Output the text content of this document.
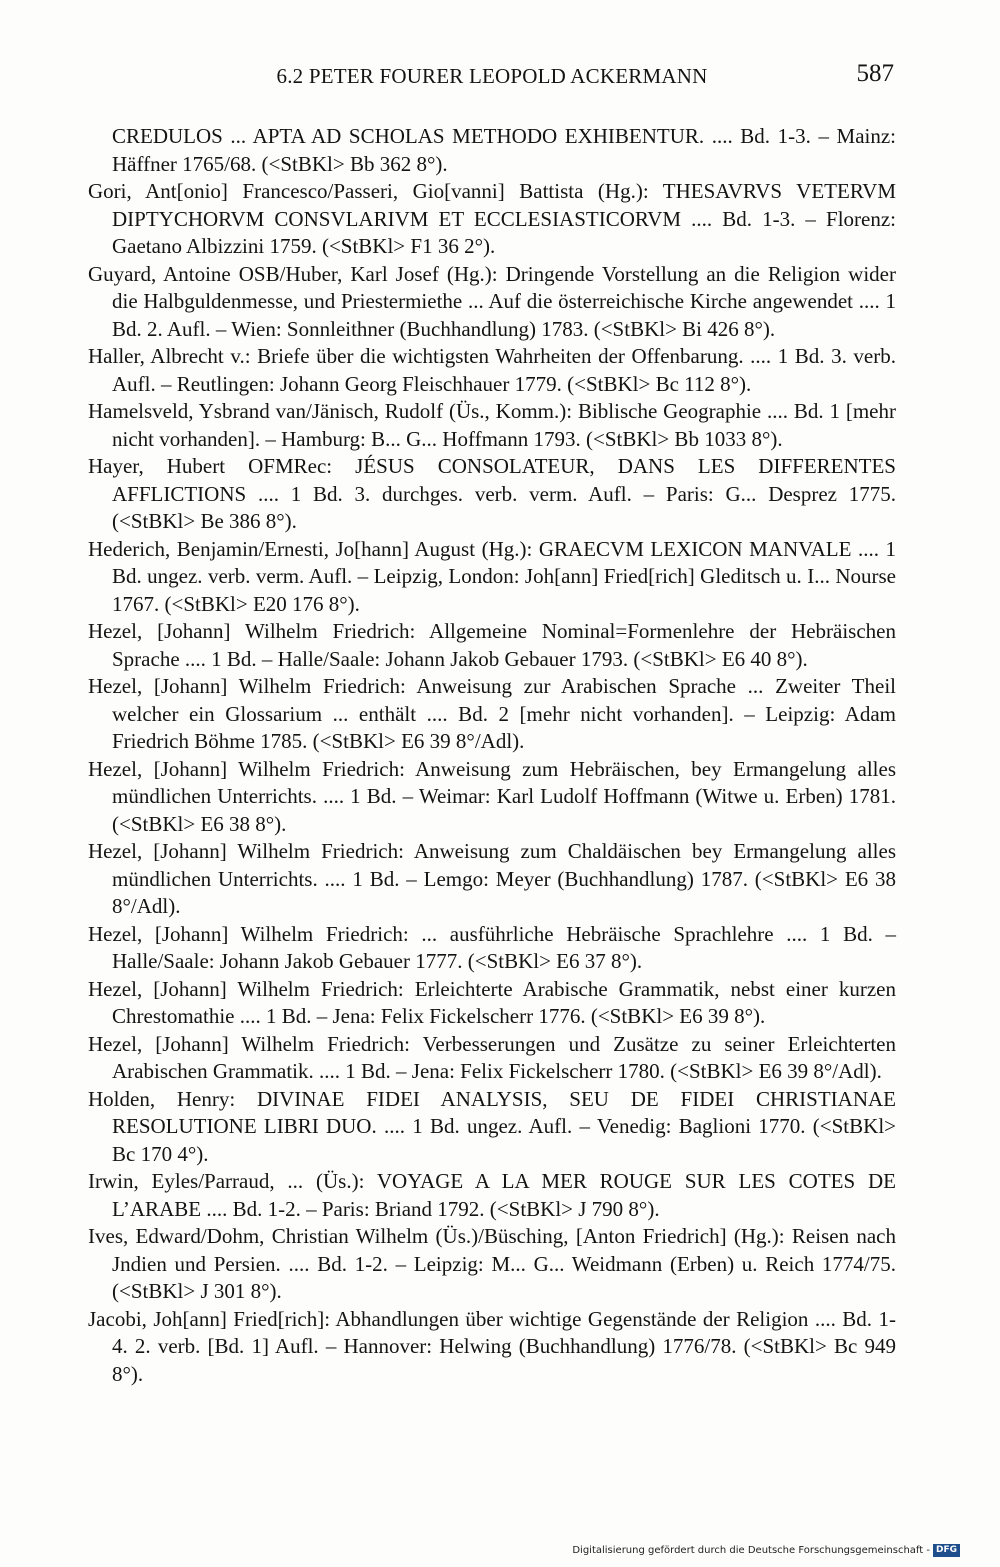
6.2 PETER FOURER LEOPOLD ACKERMANN	587

CREDULOS ... APTA AD SCHOLAS METHODO EXHIBENTUR. .... Bd. 1-3. – Mainz: Häffner 1765/68. (<StBKl> Bb 362 8°).

Gori, Ant[onio] Francesco/Passeri, Gio[vanni] Battista (Hg.): THESAVRVS VETERVM DIPTYCHORVM CONSVLARIVM ET ECCLESIASTICORVM .... Bd. 1-3. – Florenz: Gaetano Albizzini 1759. (<StBKl> F1 36 2°).

Guyard, Antoine OSB/Huber, Karl Josef (Hg.): Dringende Vorstellung an die Religion wider die Halbguldenmesse, und Priestermiethe ... Auf die österreichische Kirche angewendet .... 1 Bd. 2. Aufl. – Wien: Sonnleithner (Buchhandlung) 1783. (<StBKl> Bi 426 8°).

Haller, Albrecht v.: Briefe über die wichtigsten Wahrheiten der Offenbarung. .... 1 Bd. 3. verb. Aufl. – Reutlingen: Johann Georg Fleischhauer 1779. (<StBKl> Bc 112 8°).

Hamelsveld, Ysbrand van/Jänisch, Rudolf (Üs., Komm.): Biblische Geographie .... Bd. 1 [mehr nicht vorhanden]. – Hamburg: B... G... Hoffmann 1793. (<StBKl> Bb 1033 8°).

Hayer, Hubert OFMRec: JÉSUS CONSOLATEUR, DANS LES DIFFERENTES AFFLICTIONS .... 1 Bd. 3. durchges. verb. verm. Aufl. – Paris: G... Desprez 1775. (<StBKl> Be 386 8°).

Hederich, Benjamin/Ernesti, Jo[hann] August (Hg.): GRAECVM LEXICON MANVALE .... 1 Bd. ungez. verb. verm. Aufl. – Leipzig, London: Joh[ann] Fried[rich] Gleditsch u. I... Nourse 1767. (<StBKl> E20 176 8°).

Hezel, [Johann] Wilhelm Friedrich: Allgemeine Nominal=Formenlehre der Hebräischen Sprache .... 1 Bd. – Halle/Saale: Johann Jakob Gebauer 1793. (<StBKl> E6 40 8°).

Hezel, [Johann] Wilhelm Friedrich: Anweisung zur Arabischen Sprache ... Zweiter Theil welcher ein Glossarium ... enthält .... Bd. 2 [mehr nicht vorhanden]. – Leipzig: Adam Friedrich Böhme 1785. (<StBKl> E6 39 8°/Adl).

Hezel, [Johann] Wilhelm Friedrich: Anweisung zum Hebräischen, bey Ermangelung alles mündlichen Unterrichts. .... 1 Bd. – Weimar: Karl Ludolf Hoffmann (Witwe u. Erben) 1781. (<StBKl> E6 38 8°).

Hezel, [Johann] Wilhelm Friedrich: Anweisung zum Chaldäischen bey Ermangelung alles mündlichen Unterrichts. .... 1 Bd. – Lemgo: Meyer (Buchhandlung) 1787. (<StBKl> E6 38 8°/Adl).

Hezel, [Johann] Wilhelm Friedrich: ... ausführliche Hebräische Sprachlehre .... 1 Bd. – Halle/Saale: Johann Jakob Gebauer 1777. (<StBKl> E6 37 8°).

Hezel, [Johann] Wilhelm Friedrich: Erleichterte Arabische Grammatik, nebst einer kurzen Chrestomathie .... 1 Bd. – Jena: Felix Fickelscherr 1776. (<StBKl> E6 39 8°).

Hezel, [Johann] Wilhelm Friedrich: Verbesserungen und Zusätze zu seiner Erleichterten Arabischen Grammatik. .... 1 Bd. – Jena: Felix Fickelscherr 1780. (<StBKl> E6 39 8°/Adl).

Holden, Henry: DIVINAE FIDEI ANALYSIS, SEU DE FIDEI CHRISTIANAE RESOLUTIONE LIBRI DUO. .... 1 Bd. ungez. Aufl. – Venedig: Baglioni 1770. (<StBKl> Bc 170 4°).

Irwin, Eyles/Parraud, ... (Üs.): VOYAGE A LA MER ROUGE SUR LES COTES DE L’ARABE .... Bd. 1-2. – Paris: Briand 1792. (<StBKl> J 790 8°).

Ives, Edward/Dohm, Christian Wilhelm (Üs.)/Büsching, [Anton Friedrich] (Hg.): Reisen nach Jndien und Persien. .... Bd. 1-2. – Leipzig: M... G... Weidmann (Erben) u. Reich 1774/75. (<StBKl> J 301 8°).

Jacobi, Joh[ann] Fried[rich]: Abhandlungen über wichtige Gegenstände der Religion .... Bd. 1-4. 2. verb. [Bd. 1] Aufl. – Hannover: Helwing (Buchhandlung) 1776/78. (<StBKl> Bc 949 8°).

Digitalisierung gefördert durch die Deutsche Forschungsgemeinschaft - DFG
